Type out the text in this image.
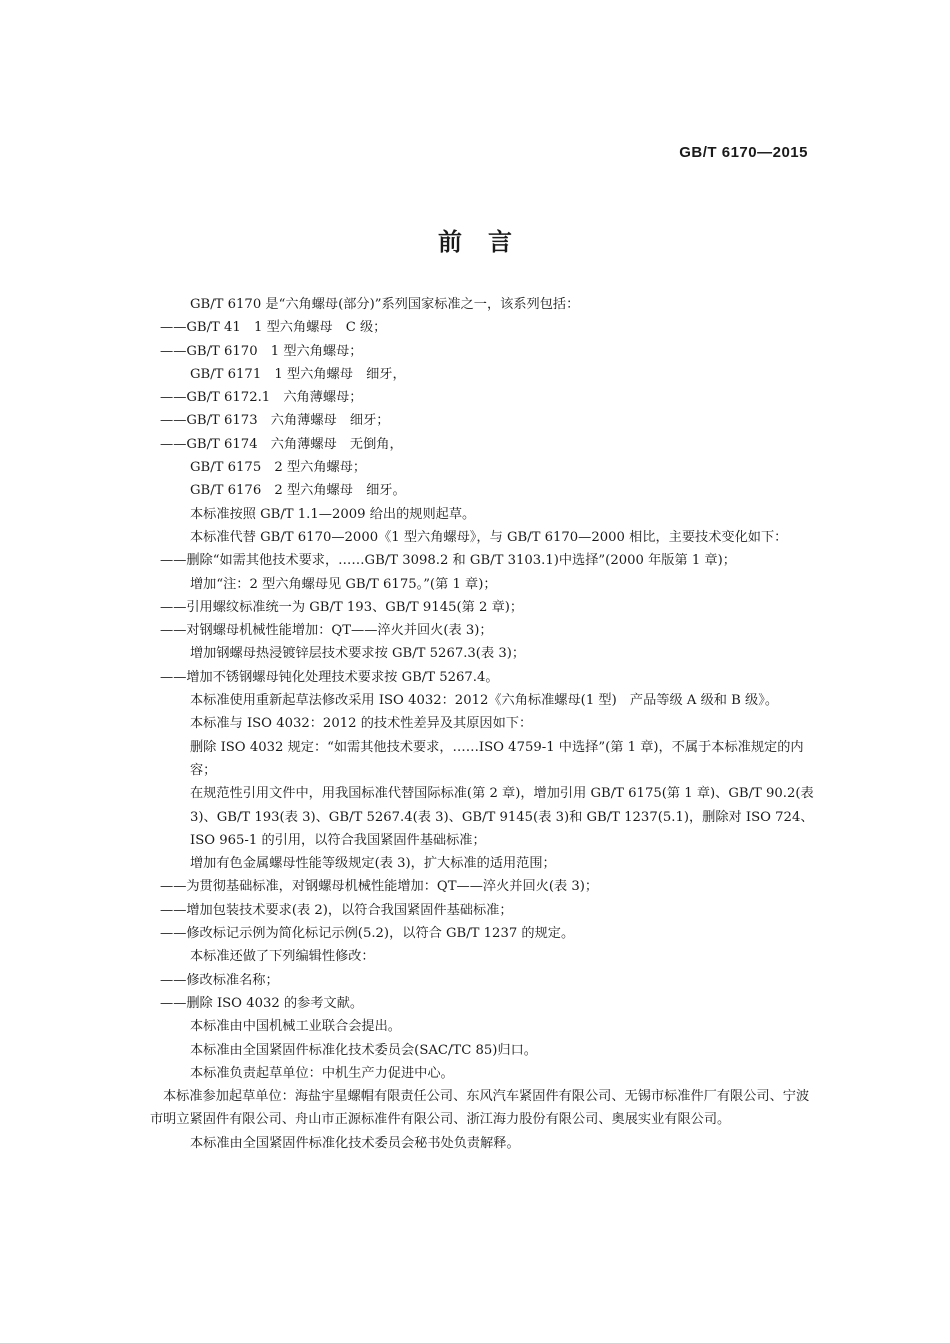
GB/T 6170—2015
前言

GB/T 6170 是“六角螺母(部分)”系列国家标准之一，该系列包括：

——GB/T 41　1 型六角螺母　C 级；

——GB/T 6170　1 型六角螺母；

GB/T 6171　1 型六角螺母　细牙，

——GB/T 6172.1　六角薄螺母；

——GB/T 6173　六角薄螺母　细牙；

——GB/T 6174　六角薄螺母　无倒角，

GB/T 6175　2 型六角螺母；

GB/T 6176　2 型六角螺母　细牙。

本标准按照 GB/T 1.1—2009 给出的规则起草。

本标准代替 GB/T 6170—2000《1 型六角螺母》，与 GB/T 6170—2000 相比，主要技术变化如下：

——删除“如需其他技术要求，……GB/T 3098.2 和 GB/T 3103.1)中选择”(2000 年版第 1 章)；

增加“注：2 型六角螺母见 GB/T 6175。”(第 1 章)；

——引用螺纹标准统一为 GB/T 193、GB/T 9145(第 2 章)；

——对钢螺母机械性能增加：QT——淬火并回火(表 3)；

增加钢螺母热浸镀锌层技术要求按 GB/T 5267.3(表 3)；

——增加不锈钢螺母钝化处理技术要求按 GB/T 5267.4。

本标准使用重新起草法修改采用 ISO 4032：2012《六角标准螺母(1 型)　产品等级 A 级和 B 级》。

本标准与 ISO 4032：2012 的技术性差异及其原因如下：

删除 ISO 4032 规定：“如需其他技术要求，……ISO 4759-1 中选择”(第 1 章)，不属于本标准规定的内容；

在规范性引用文件中，用我国标准代替国际标准(第 2 章)，增加引用 GB/T 6175(第 1 章)、GB/T 90.2(表 3)、GB/T 193(表 3)、GB/T 5267.4(表 3)、GB/T 9145(表 3)和 GB/T 1237(5.1)，删除对 ISO 724、ISO 965-1 的引用，以符合我国紧固件基础标准；

增加有色金属螺母性能等级规定(表 3)，扩大标准的适用范围；

——为贯彻基础标准，对钢螺母机械性能增加：QT——淬火并回火(表 3)；

——增加包装技术要求(表 2)，以符合我国紧固件基础标准；

——修改标记示例为简化标记示例(5.2)，以符合 GB/T 1237 的规定。

本标准还做了下列编辑性修改：

——修改标准名称；

——删除 ISO 4032 的参考文献。

本标准由中国机械工业联合会提出。

本标准由全国紧固件标准化技术委员会(SAC/TC 85)归口。

本标准负责起草单位：中机生产力促进中心。

本标准参加起草单位：海盐宇星螺帽有限责任公司、东风汽车紧固件有限公司、无锡市标准件厂有限公司、宁波市明立紧固件有限公司、舟山市正源标准件有限公司、浙江海力股份有限公司、奥展实业有限公司。

本标准由全国紧固件标准化技术委员会秘书处负责解释。
